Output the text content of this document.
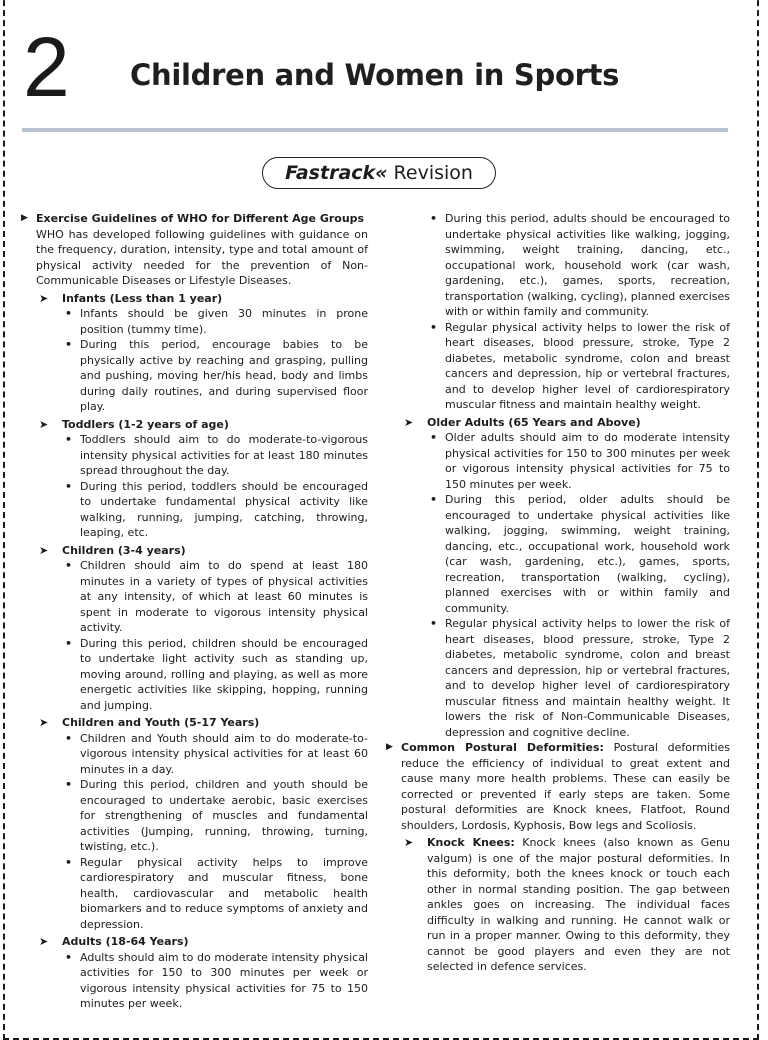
2 Children and Women in Sports
Fastrack« Revision

▶ Exercise Guidelines of WHO for Different Age Groups

WHO has developed following guidelines with guidance on the frequency, duration, intensity, type and total amount of physical activity needed for the prevention of Non-Communicable Diseases or Lifestyle Diseases.

➤ Infants (Less than 1 year)

• Infants should be given 30 minutes in prone position (tummy time).

• During this period, encourage babies to be physically active by reaching and grasping, pulling and pushing, moving her/his head, body and limbs during daily routines, and during supervised floor play.

➤ Toddlers (1-2 years of age)

• Toddlers should aim to do moderate-to-vigorous intensity physical activities for at least 180 minutes spread throughout the day.

• During this period, toddlers should be encouraged to undertake fundamental physical activity like walking, running, jumping, catching, throwing, leaping, etc.

➤ Children (3-4 years)

• Children should aim to do spend at least 180 minutes in a variety of types of physical activities at any intensity, of which at least 60 minutes is spent in moderate to vigorous intensity physical activity.

• During this period, children should be encouraged to undertake light activity such as standing up, moving around, rolling and playing, as well as more energetic activities like skipping, hopping, running and jumping.

➤ Children and Youth (5-17 Years)

• Children and Youth should aim to do moderate-to-vigorous intensity physical activities for at least 60 minutes in a day.

• During this period, children and youth should be encouraged to undertake aerobic, basic exercises for strengthening of muscles and fundamental activities (Jumping, running, throwing, turning, twisting, etc.).

• Regular physical activity helps to improve cardiorespiratory and muscular fitness, bone health, cardiovascular and metabolic health biomarkers and to reduce symptoms of anxiety and depression.

➤ Adults (18-64 Years)

• Adults should aim to do moderate intensity physical activities for 150 to 300 minutes per week or vigorous intensity physical activities for 75 to 150 minutes per week.

• During this period, adults should be encouraged to undertake physical activities like walking, jogging, swimming, weight training, dancing, etc., occupational work, household work (car wash, gardening, etc.), games, sports, recreation, transportation (walking, cycling), planned exercises with or within family and community.

• Regular physical activity helps to lower the risk of heart diseases, blood pressure, stroke, Type 2 diabetes, metabolic syndrome, colon and breast cancers and depression, hip or vertebral fractures, and to develop higher level of cardiorespiratory muscular fitness and maintain healthy weight.

➤ Older Adults (65 Years and Above)

• Older adults should aim to do moderate intensity physical activities for 150 to 300 minutes per week or vigorous intensity physical activities for 75 to 150 minutes per week.

• During this period, older adults should be encouraged to undertake physical activities like walking, jogging, swimming, weight training, dancing, etc., occupational work, household work (car wash, gardening, etc.), games, sports, recreation, transportation (walking, cycling), planned exercises with or within family and community.

• Regular physical activity helps to lower the risk of heart diseases, blood pressure, stroke, Type 2 diabetes, metabolic syndrome, colon and breast cancers and depression, hip or vertebral fractures, and to develop higher level of cardiorespiratory muscular fitness and maintain healthy weight. It lowers the risk of Non-Communicable Diseases, depression and cognitive decline.

▶ Common Postural Deformities: Postural deformities reduce the efficiency of individual to great extent and cause many more health problems. These can easily be corrected or prevented if early steps are taken. Some postural deformities are Knock knees, Flatfoot, Round shoulders, Lordosis, Kyphosis, Bow legs and Scoliosis.

➤ Knock Knees: Knock knees (also known as Genu valgum) is one of the major postural deformities. In this deformity, both the knees knock or touch each other in normal standing position. The gap between ankles goes on increasing. The individual faces difficulty in walking and running. He cannot walk or run in a proper manner. Owing to this deformity, they cannot be good players and even they are not selected in defence services.
